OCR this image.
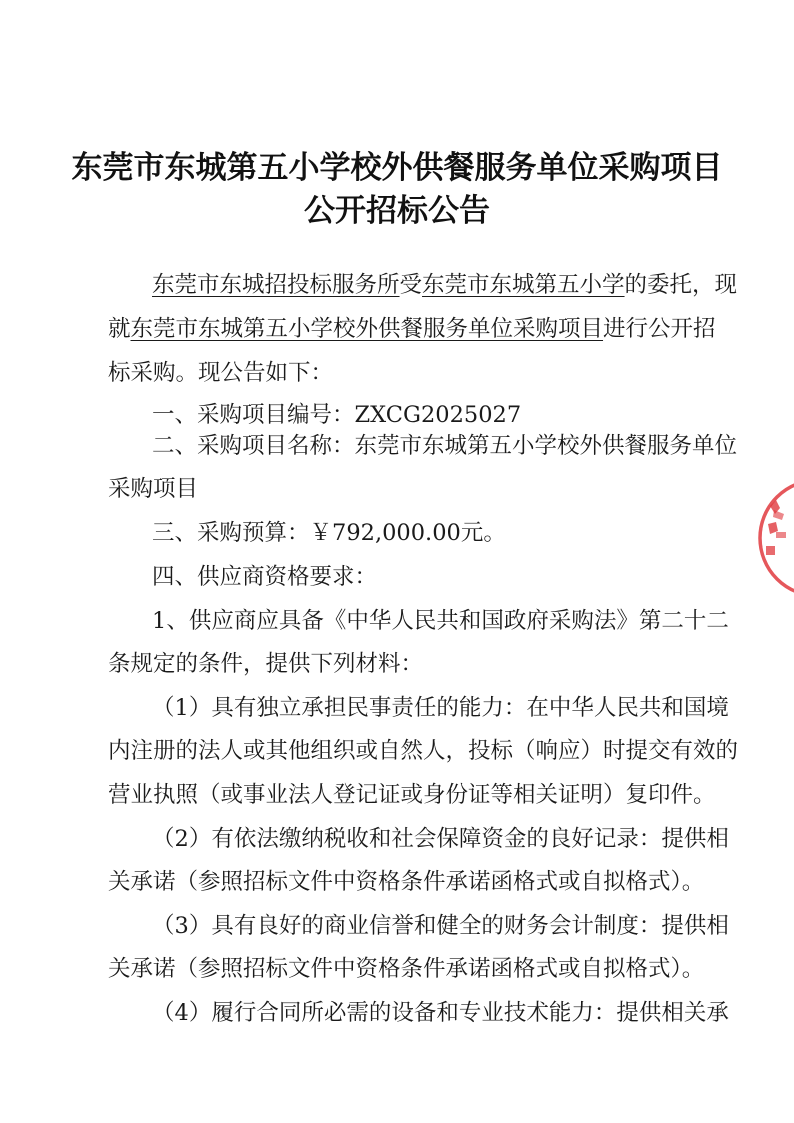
东莞市东城第五小学校外供餐服务单位采购项目
公开招标公告
东莞市东城招投标服务所受东莞市东城第五小学的委托，现
就东莞市东城第五小学校外供餐服务单位采购项目进行公开招
标采购。现公告如下：
一、采购项目编号：ZXCG2025027
二、采购项目名称：东莞市东城第五小学校外供餐服务单位
采购项目
三、采购预算：￥792,000.00元。
四、供应商资格要求：
1、供应商应具备《中华人民共和国政府采购法》第二十二
条规定的条件，提供下列材料：
（1）具有独立承担民事责任的能力：在中华人民共和国境
内注册的法人或其他组织或自然人，投标（响应）时提交有效的
营业执照（或事业法人登记证或身份证等相关证明）复印件。
（2）有依法缴纳税收和社会保障资金的良好记录：提供相
关承诺（参照招标文件中资格条件承诺函格式或自拟格式）。
（3）具有良好的商业信誉和健全的财务会计制度：提供相
关承诺（参照招标文件中资格条件承诺函格式或自拟格式）。
（4）履行合同所必需的设备和专业技术能力：提供相关承
